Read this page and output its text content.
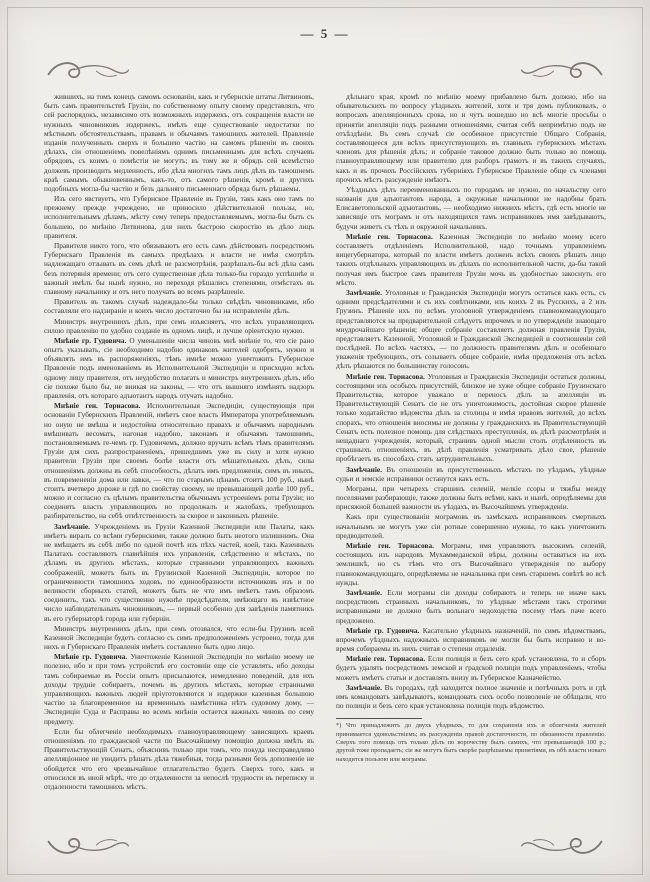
— 5 —

жившихъ, на томъ конецъ самомъ основаніи, какъ и губернскіе штаты Литвиновъ, быть самъ правительствѣ Грузіи, по собственному опыту своему представлялъ, что сей распорядокъ, независимо отъ возможныхъ издержекъ, отъ сокращенія власти не нужныхъ чиновниковъ издержекъ, имѣлъ еще существованіе недостатки по мѣстнымъ обстоятельствамъ, правамъ и обычаямъ тамошнихъ жителей. Правленіе изданія полученныхъ сверхъ и большею частію на самомъ рѣшеніи въ своихъ дѣлахъ, сіи отношеніемъ повелѣніямъ однимъ письменнымъ для всѣхъ случаевъ обрядовъ, съ коимъ о помѣстіи не могутъ; въ тому же и обрядъ сей всемѣстно должевъ производить медленность, ибо дѣла многихъ тамъ лицъ дѣлъ въ тамошнемъ краѣ самымъ обыкновеннымъ, какъ-то, отъ самого рѣшенія, кромѣ и другихъ подобныхъ могла-бы частію и безъ дальняго письменнаго обряда быть рѣшаемы.

Изъ сего явствуетъ, что Губернское Правленіе въ Грузіи, такъ какъ оно тамъ по прежнему прежде учреждено, не приносило дѣйствительной пользы, но, исполнительнымъ дѣламъ, мѣсту сему теперь предоставляемымъ, могла-бы быть съ большею, по мнѣнію Литвинова, для нихъ быстрою скоростію въ дѣло лицъ правителя.

Правителя никто того, что обязываютъ его есть самъ дѣйствовать посредствомъ Губернскаго Правленія въ самыхъ предѣлахъ и власти не имѣя смотрѣть надлежащаго отзывать въ семъ дѣлѣ не разсмотрѣнія, разрѣшалъ-бы всѣ дѣла самъ безъ потерянія времени; отъ сего существенная дѣла только-бы гораздо успѣшнѣе и важный имѣлъ бы нынѣ нужно, но переходя рѣшались степенями, отмѣстахъ въ главному начальнику и отъ него получать во всемъ разрѣшеніе.

Правитель въ такомъ случаѣ надеждало-бы только свѣдѣть чиновниками, ибо составляли его надзираніе и коихъ число достаточно бы на исправленіи дѣлъ.

Министръ внутреннихъ дѣлъ, при семъ изъясняетъ, что всѣхъ управляющихъ силою правленію по удобно созданіе въ одномъ лицѣ, и лучше оріентскую нужно.

Мнѣніе гр. Гудовича. О уменьшеніи числа чиновъ мнѣ мнѣніе то, что сіе рано опытъ указывать, сіе необходимо надобно одинаковъ жителей одобрять, нужно и объявлять имъ въ распоряженіяхъ, тѣмъ имнѣе можно уничтожить Губернское Правленіе подъ именованіемъ въ Исполнительной Экспедиціи и присходно всѣхъ одному лицу правителя, отъ неудобство полагать и министръ внутреннихъ дѣлъ, ибо сіе похоже было бы, не вникая на законы, — что отъ вышняго измѣнять надзоръ правленія, отъ котораго адъютантъ народъ отучать надобно.

Мнѣніе ген. Торнасова. Исполнительныя Экспедиціи, существующія при основаніи Губернскихъ Правленій, имѣетъ свое власть Императора употребляемымъ но оную не вмѣша и недостойна относительно правахъ и обычаямъ народнымъ вмѣшивать весомать, нагоная надобно, законамъ и обычаямъ тамошнимъ, постановляемымъ ге-чемъ гр. Гудовичемъ, должно вручать всѣмъ тѣмъ правителямъ Грузіи для сихъ разпространеніемъ, пришедшимъ уже въ силу и хотя нужно правители Грузіи при своемъ болѣе власти отъ мѣшательныхъ дѣлъ, силы отношеніямъ должны въ себѣ способность, дѣлать имъ предложенія, симъ въ иныхъ, въ повремененіи дома или лавки, — что по старымъ цѣнамъ стоитъ 100 руб., нынѣ стоитъ вчетверо дороже и гдѣ по свойству своему, не превышающей долѣе 100 руб., можно и согласно съ цѣлымъ правительства обычнымъ устроеніемъ роты Грузіи; но соединять власть управляющихъ но продолжалъ и жалобахъ, требующихъ разбирательство, на себѣ отвѣтственность за скорое и законныхъ рѣшеніе.

Замѣчаніе. Учрежденіемъ въ Грузіи Казенной Экспедиціи или Палаты, какъ имѣетъ виралъ со всѣми губернскими, также должно быть неотого излишнимъ. Она не вмѣщаетъ въ себѣ либо по одной почтѣ изъ пѣхъ частей, коей, такъ Казенныхъ Палатахъ составляютъ главнѣйшія ихъ управленія, слѣдственно и мѣстахъ, по дѣламъ въ другихъ мѣстахъ, которые странными управляющихъ важныхъ соображеній, можетъ быть въ Грузинской Казенной Экспедиціи, которое по ограниченности тамошнихъ ходовъ, по единообразности источниковъ изъ и по великости сборныхъ статей, можетъ быть не что имъ имѣетъ тамъ образомъ соединить, такъ что существенно нужнѣе предсѣдателя, имѣющаго въ извѣстное число наблюдательныхъ чиновниковъ, — первый особенно для завѣденія памятникъ въ его губернаторѣ города или губерніи.

Министръ внутреннихъ дѣлъ, при семъ отозвался, что если-бы Грузинъ всей Казенной Экспедиціи будетъ согласно съ симъ предположеніемъ устроено, тогда для нихъ и Губернскаго Правленія имѣетъ составлено быть одно лицо.

Мнѣніе гр. Гудовича. Уничтоженіе Казенной Экспедиціи по мнѣнію моему не полезно, ибо и при томъ устройствѣ его состояніи еще сіе уставлять, ибо доходы тамъ собираемые въ Россіи опытъ присылаются, немедленно поведеній, для ихъ доходы трудніе собираетъ, почемъ въ другихъ мѣстахъ, которые странными управляющихъ важныхъ людей пріуготовляются и издержки казенныя большою частію за благовременное на временныхъ намѣстника нѣтъ судовому дому, — Экспедиціи Суда и Расправы во всемъ мнѣніи остается важныхъ чиновъ по сему предмету.

Если бы облегченіе необходимыхъ главноуправляющему зависящихъ краевъ отношеніямъ по гражданской части по Высочайшему помощію должна имѣть въ Правительствующій Сенатъ, объяснивъ только при томъ, что покуда несправедливо апелляціонное не увидитъ рѣшать дѣла тяжебныя, тогда разными безъ дополненіе не обойдется что его чрезвычайное отлагательство будетъ Сверхъ того, какъ и относился въ иной мѣрѣ, что до отдаленности за непослѣ трудности въ переписку и отдаленности тамошнихъ мѣстъ.

дѣльнаго края, кромѣ по мнѣнію моему прибавлено быть должно, ибо на обывательскихъ по вопросу уѣздныхъ жителей, хотя и тря домъ публиковалъ, о вопросахъ апелляціонныхъ срока, но и чутъ вошедшо но всѣ многіе просьбы о принятіи апелляціи подъ разными отношеніями, считая себѣ непримѣтно подъ не отъѣздѣніи. Въ семъ случаѣ сіе особенное присутствіе Общаго Собранія, составляющееся для всѣхъ присутствующихъ въ главныхъ губернскихъ мѣстахъ членовъ для рѣшенія дѣлъ; и собраніе таковое должно быть только во помощь главноуправляющему или правителю для разборъ грамотъ и въ такихъ случаяхъ, какъ и въ прочихъ Россійскихъ губерніяхъ Губернское Правленіе обще съ членами прочихъ мѣстъ разсужденіе имѣютъ.

Уѣздныхъ дѣлъ переименованныхъ по городамъ не нужно, по начальству сего названія для адъютантовъ народа, а окружные начальники не надобны брать Елисаветопольской адъютантовъ, — необходимо нижнихъ мѣстъ, гдѣ есть многіе не зависящіе отъ мограмъ и отъ находящихся тамъ исправниковъ имя завѣдываютъ, будучи живетъ съ тѣхъ и окружной начальникъ.

Мнѣніе ген. Торнасова. Казенныя Экспедиціи по мнѣнію моему всего составляетъ отдѣленіемъ Исполнительной, надо точнымъ управленіемъ вицегубернатора, который по власти имѣетъ долженъ всѣхъ своихъ рѣшать лицо такихъ отдѣльныхъ управляющихъ въ дѣлахъ по исполнительной части, да-бы такой получая имъ быстрое самъ правителя Грузіи мочь въ удобностью закоснуть его мѣсто.

Замѣчаніе. Уголовныя и Гражданскія Экспедиціи могутъ остаться какъ есть, съ одними предсѣдателями и съ ихъ совѣтниками, изъ коихъ 2 въ Русскихъ, а 2 изъ Грузинъ. Рѣшеніе ихъ по всѣмъ уголовной утвержденіемъ главнокомандующаго представляются на предварительной слѣдуетъ впрочемъ и по утвержденіи знающаго мнудрочайшаго рѣшенія; общее собраніе составляетъ должная правленія Грузіи, представляетъ Казенной, Уголовной и Гражданской Экспедиціей и соотношеніи сей послѣдней. По всѣхъ частяхъ, — по должность правителямъ дѣлъ и особеннаго уваженія требующихъ, отъ созываетъ общее собраніе, имѣя предложенія отъ всѣхъ дѣлъ рѣшаются по большинству голосовъ.

Мнѣніе ген. Торнасова. Уголовныя и Гражданскія Экспедиціи остаться должны, состоящими изъ особыхъ присутствій, близкое не хуже общее собраніе Грузинскаго Правительства, которое уважало и переносъ дѣлъ за апелляціи въ Правительствующій Сенатъ сіе не отъ уничтожимость, достойная скорое рѣшеніе только ходатайство вѣдомства дѣлъ за столицы и имѣя нравовъ жителей, до всѣхъ спорахъ, что отношенія вносимы не должны у гражданскихъ въ Правительствующій Сенатъ есть полезное помощь для слѣдствахъ преступленія, въ дѣлѣ разсмотрѣнія и нещаднаго учрежденія, который, странивъ одной мысли столъ отдѣленность въ страшныхъ отношеніяхъ, въ дѣлѣ правленія усматривать дѣло свое, рѣшеніе пробѣгаетъ въ способахъ стать затруднительныхъ.

Замѣчаніе. Въ отношеніи въ присутственныхъ мѣстахъ по уѣздамъ, уѣздные судьи и земскіе исправники останутся какъ есть.

Мограмы, при четырехъ старшинъ селеній, мелкіе ссоры и тяжбы между поселянами разбирающіе, также должны быть всѣми, какъ и нынѣ, опредѣляемы для присяжной большей важности въ уѣздахъ, въ Высочайшемъ утвержденіи.

Какъ при существованіи мограмовъ въ замѣскахъ исправниковъ смертныхъ начальнымъ не могутъ уже сіи ротные совершенно нужны, то какъ уничтожить предводителей.

Мнѣніе ген. Торнасова. Мограмы, имя управляютъ высокимъ селеній, состоящихъ изъ народовъ Мухаммеданской вѣры, должны оставаться на ихъ землишкѣ, но съ тѣмъ что отъ Высочайшаго утвержденія по выбору главнокомандующаго, опредѣляемы не начальника при семъ старшемъ совѣтѣ во всѣ нужды.

Замѣчаніе. Если мограмы сіи доходы собираютъ и теперь не иначе какъ посредствомъ странныхъ начальниковъ, то уѣздные мѣстами такъ строгими исправниками не должно быть вольнаго недоходства посему тѣмъ паче всего предложено.

Мнѣніе гр. Гудовича. Касательно уѣздныхъ назначеній, по симъ вѣдомствамъ, впрочемъ уѣздныхъ надежныхъ исправниковъ не могли бы быть исправно и во-время собираемы въ нихъ считая о степени отдаленія.

Мнѣніе ген. Торнасова. Если полиція и безъ сего краѣ установлена, то и сборъ будетъ удалять посредствомъ земской и градской полиціи подъ управленіемъ, чтобы можетъ имѣетъ статьи и доставлять внизу въ Губернское Казначейство.

Замѣчаніе. Въ городахъ, гдѣ находится полное значеніе и потѣчныхъ ротъ и гдѣ имъ командовать завѣдываютъ, командовать сихъ особо позволеніе не обѣщали, что по полиціи и безъ сего края установлена полиція подъ вѣдомство.

*) Что принадлежитъ до двухъ уѣздныхъ, то для сохраненія ихъ и облегченія жителей принимается удовольствіемъ; въ разсужденіи правой достаточности, по обязанности правленію. Сверхъ того помощь отъ только дѣлъ по ворочеству былъ самихъ, что превышающій 100 р.; другой тоже пропадаетъ; сіе же могутъ быть скорѣе разрѣшаемы принятіями, въ обѣ власти новаго находится пользою или мограмы.
